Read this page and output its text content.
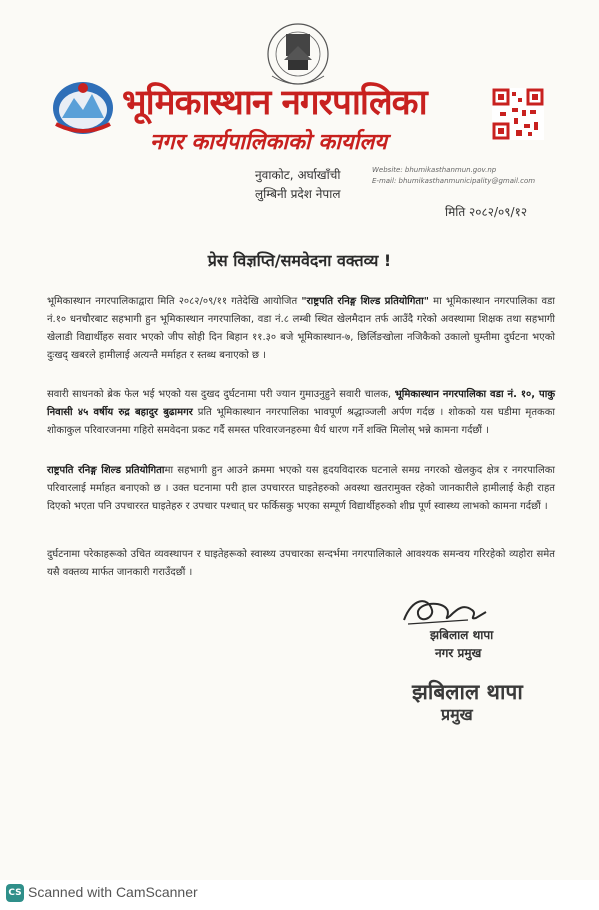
भूमिकास्थान नगरपालिका
नगर कार्यपालिकाको कार्यालय
नुवाकोट, अर्घाखाँची
लुम्बिनी प्रदेश नेपाल
Website: bhumikasthanmun.gov.np
E-mail: bhumikasthanmunicipality@gmail.com
मिति २०८२/०९/१२
प्रेस विज्ञप्ति/समवेदना वक्तव्य !
भूमिकास्थान नगरपालिकाद्वारा मिति २०८२/०९/११ गतेदेखि आयोजित "राष्ट्रपति रनिङ्ग शिल्ड प्रतियोगिता" मा भूमिकास्थान नगरपालिका वडा नं.१० धनचौरबाट सहभागी हुन भूमिकास्थान नगरपालिका, वडा नं.८ लम्बी स्थित खेलमैदान तर्फ आउँदै गरेको अवस्थामा शिक्षक तथा सहभागी खेलाडी विद्यार्थीहरु सवार भएको जीप सोही दिन बिहान ११.३० बजे भूमिकास्थान-७, छिर्लिङखोला नजिकैको उकालो घुम्तीमा दुर्घटना भएको दुःखद् खबरले हामीलाई अत्यन्तै मर्माहत र स्तब्ध बनाएको छ ।
सवारी साधनको ब्रेक फेल भई भएको यस दुखद दुर्घटनामा परी ज्यान गुमाउनुहुने सवारी चालक, भूमिकास्थान नगरपालिका वडा नं. १०, पाकु निवासी ४५ वर्षीय रुद्र बहादुर बुढामगर प्रति भूमिकास्थान नगरपालिका भावपूर्ण श्रद्धाञ्जली अर्पण गर्दछ । शोकको यस घडीमा मृतकका शोकाकुल परिवारजनमा गहिरो समवेदना प्रकट गर्दै समस्त परिवारजनहरुमा धैर्य धारण गर्ने शक्ति मिलोस् भन्ने कामना गर्दछौं ।
राष्ट्रपति रनिङ्ग शिल्ड प्रतियोगितामा सहभागी हुन आउने क्रममा भएको यस हृदयविदारक घटनाले समग्र नगरको खेलकुद क्षेत्र र नगरपालिका परिवारलाई मर्माहत बनाएको छ । उक्त घटनामा परी हाल उपचाररत घाइतेहरुको अवस्था खतरामुक्त रहेको जानकारीले हामीलाई केही राहत दिएको भएता पनि उपचाररत घाइतेहरु र उपचार पश्चात् घर फर्किसकु भएका सम्पूर्ण विद्यार्थीहरुको शीघ्र पूर्ण स्वास्थ्य लाभको कामना गर्दछौं ।
दुर्घटनामा परेकाहरूको उचित व्यवस्थापन र घाइतेहरूको स्वास्थ्य उपचारका सन्दर्भमा नगरपालिकाले आवश्यक समन्वय गरिरहेको व्यहोरा समेत यसै वक्तव्य मार्फत जानकारी गराउँदछौं ।
झबिलाल थापा
नगर प्रमुख
झबिलाल थापा
प्रमुख
CS Scanned with CamScanner
